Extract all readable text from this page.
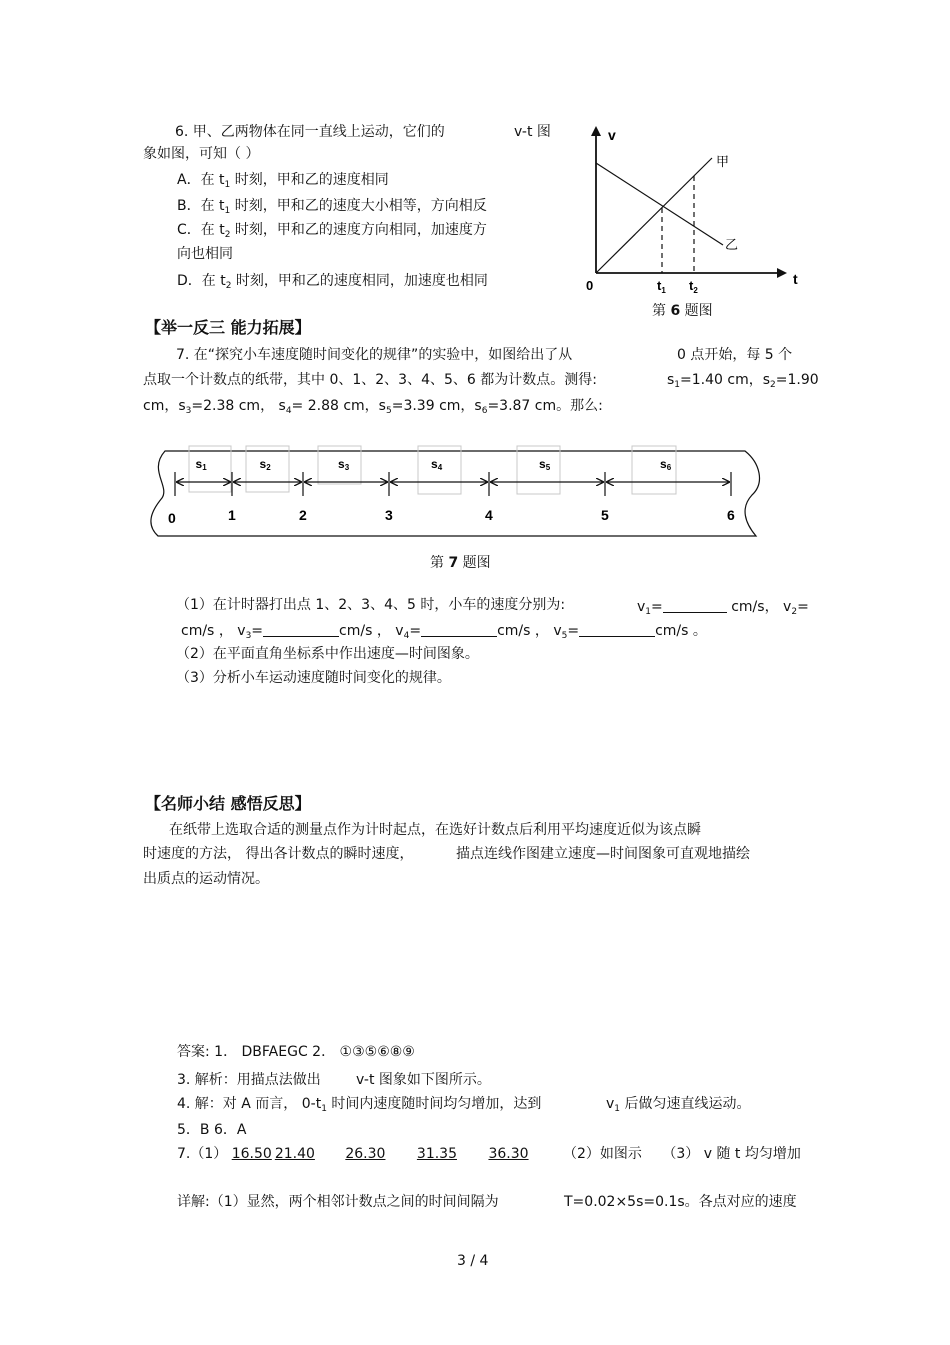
6. 甲、乙两物体在同一直线上运动，它们的	v-t 图
象如图，可知（ ）
A．在 $t_1$ 时刻，甲和乙的速度相同
B．在 $t_1$ 时刻，甲和乙的速度大小相等，方向相反
C．在 $t_2$ 时刻，甲和乙的速度方向相同，加速度方
向也相同
D．在 $t_2$ 时刻，甲和乙的速度相同，加速度也相同
v
t
0
甲
乙
$t_1$ $t_2$
第 6 题图
【举一反三 能力拓展】
7. 在“探究小车速度随时间变化的规律”的实验中，如图给出了从	0 点开始，每 5 个
点取一个计数点的纸带，其中 0、1、2、3、4、5、6 都为计数点。测得:	$s_1=1.40$ cm，$s_2=1.90$
cm，$s_3=2.38$ cm， $s_4= 2.88$ cm，$s_5=3.39$ cm，$s_6=3.87$ cm。那么:
s1	s2	s3	s4	s5	s6
0	1	2	3	4	5	6
第 7 题图
（1）在计时器打出点 1、2、3、4、5 时，小车的速度分别为:	$v_1=$	cm/s， $v_2=$
cm/s ， $v_3=$	cm/s ， $v_4=$	cm/s ， $v_5=$	cm/s 。
（2）在平面直角坐标系中作出速度—时间图象。
（3）分析小车运动速度随时间变化的规律。
【名师小结 感悟反思】
在纸带上选取合适的测量点作为计时起点，在选好计数点后利用平均速度近似为该点瞬
时速度的方法， 得出各计数点的瞬时速度，	描点连线作图建立速度—时间图象可直观地描绘
出质点的运动情况。
答案: 1． DBFAEGC 2． ①③⑤⑥⑧⑨
3. 解析：用描点法做出	v-t 图象如下图所示。
4. 解：对 A 而言， $0-t_1$ 时间内速度随时间均匀增加，达到	$v_1$ 后做匀速直线运动。
5．B 6．A
7.（1） 16.50 21.40 26.30 31.35 36.30 （2）如图示 （3） v 随 t 均匀增加
详解:（1）显然，两个相邻计数点之间的时间间隔为	T=0.02×5s=0.1s。各点对应的速度
3 / 4
